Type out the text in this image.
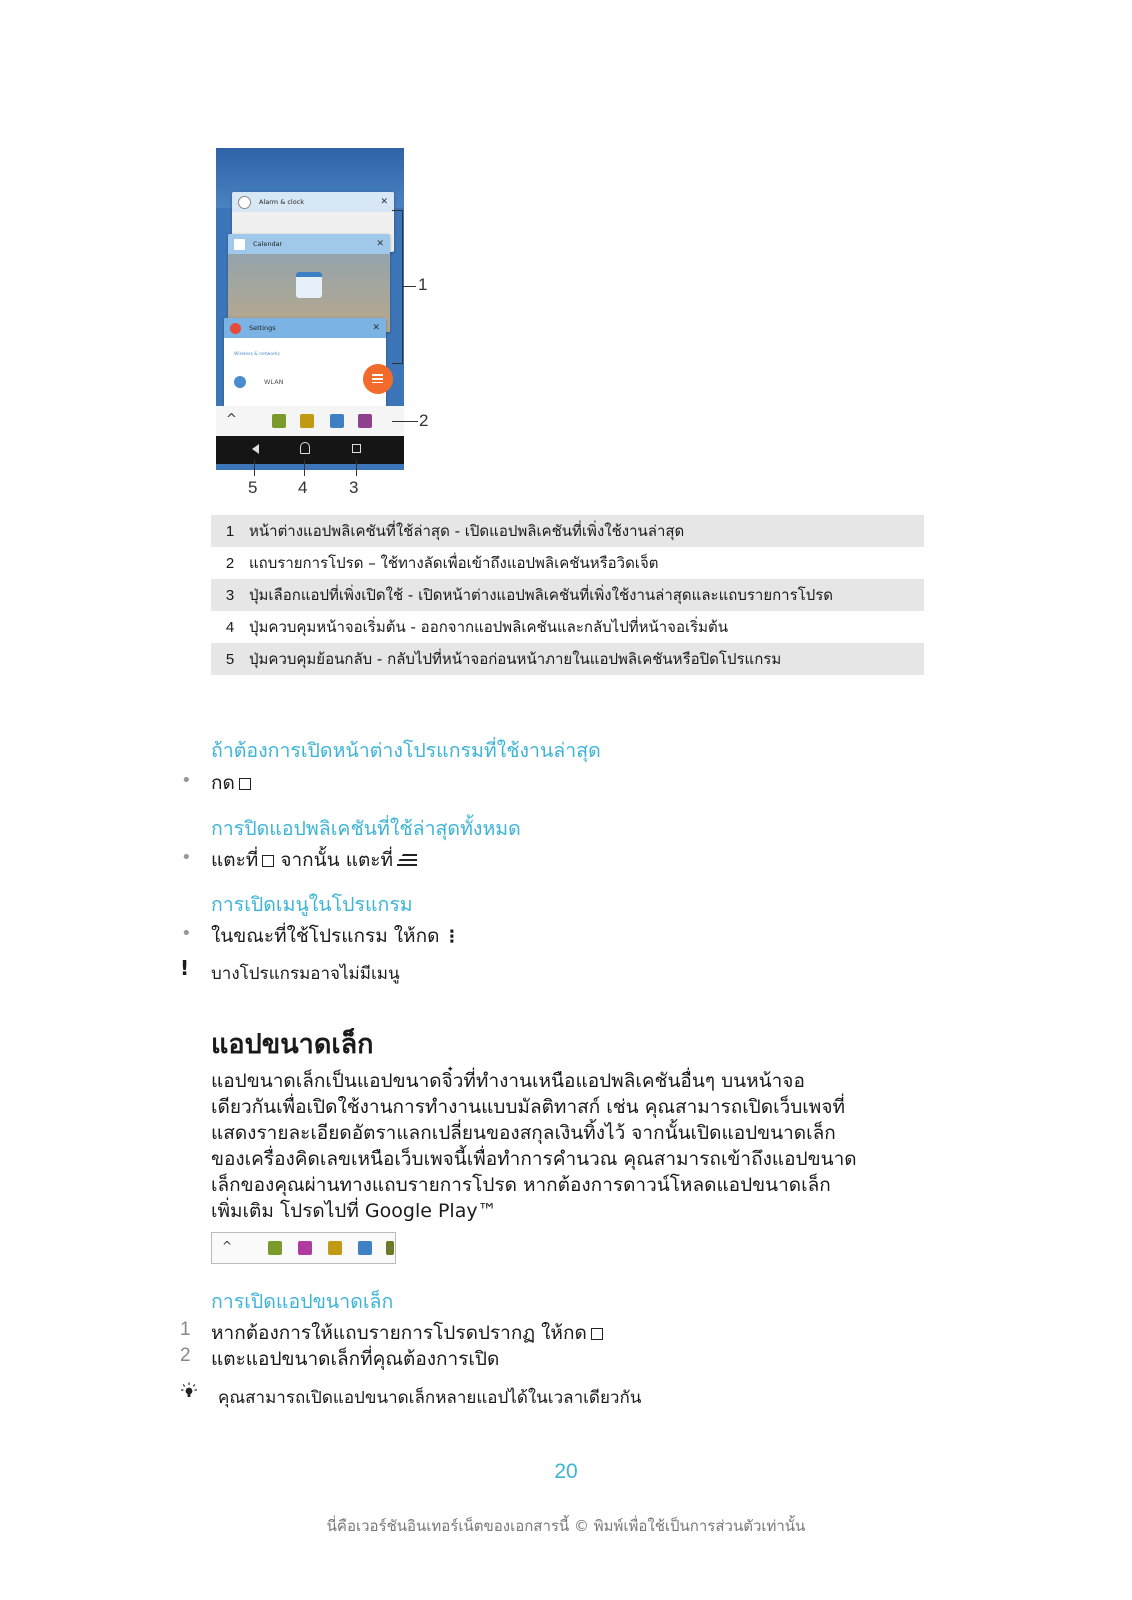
Alarm & clock	✕
Calendar	✕
Settings	✕
Wireless & networks
WLAN
^
1
2
3
4
5
1 หน้าต่างแอปพลิเคชันที่ใช้ล่าสุด - เปิดแอปพลิเคชันที่เพิ่งใช้งานล่าสุด
2 แถบรายการโปรด – ใช้ทางลัดเพื่อเข้าถึงแอปพลิเคชันหรือวิดเจ็ต
3 ปุ่มเลือกแอปที่เพิ่งเปิดใช้ - เปิดหน้าต่างแอปพลิเคชันที่เพิ่งใช้งานล่าสุดและแถบรายการโปรด
4 ปุ่มควบคุมหน้าจอเริ่มต้น - ออกจากแอปพลิเคชันและกลับไปที่หน้าจอเริ่มต้น
5 ปุ่มควบคุมย้อนกลับ - กลับไปที่หน้าจอก่อนหน้าภายในแอปพลิเคชันหรือปิดโปรแกรม
ถ้าต้องการเปิดหน้าต่างโปรแกรมที่ใช้งานล่าสุด
• กด
การปิดแอปพลิเคชันที่ใช้ล่าสุดทั้งหมด
• แตะที่ จากนั้น แตะที่
การเปิดเมนูในโปรแกรม
• ในขณะที่ใช้โปรแกรม ให้กด ⋮
! บางโปรแกรมอาจไม่มีเมนู
แอปขนาดเล็ก
แอปขนาดเล็กเป็นแอปขนาดจิ๋วที่ทำงานเหนือแอปพลิเคชันอื่นๆ บนหน้าจอ
เดียวกันเพื่อเปิดใช้งานการทำงานแบบมัลติทาสก์ เช่น คุณสามารถเปิดเว็บเพจที่
แสดงรายละเอียดอัตราแลกเปลี่ยนของสกุลเงินทิ้งไว้ จากนั้นเปิดแอปขนาดเล็ก
ของเครื่องคิดเลขเหนือเว็บเพจนี้เพื่อทำการคำนวณ คุณสามารถเข้าถึงแอปขนาด
เล็กของคุณผ่านทางแถบรายการโปรด หากต้องการดาวน์โหลดแอปขนาดเล็ก
เพิ่มเติม โปรดไปที่ Google Play™
^
การเปิดแอปขนาดเล็ก
1 หากต้องการให้แถบรายการโปรดปรากฏ ให้กด
2 แตะแอปขนาดเล็กที่คุณต้องการเปิด
คุณสามารถเปิดแอปขนาดเล็กหลายแอปได้ในเวลาเดียวกัน
20
นี่คือเวอร์ชันอินเทอร์เน็ตของเอกสารนี้ © พิมพ์เพื่อใช้เป็นการส่วนตัวเท่านั้น
